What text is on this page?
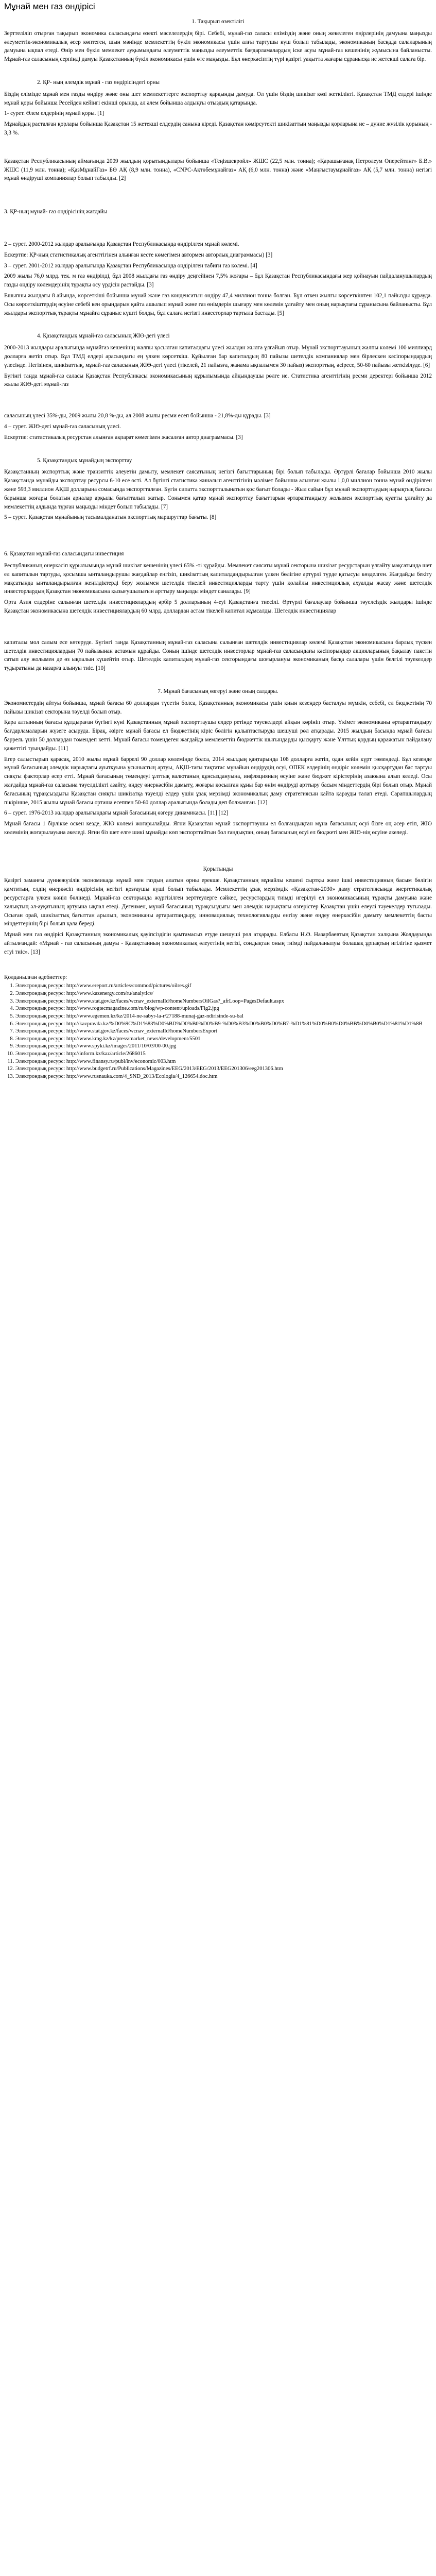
Мұнай мен газ өндірісі
1. Тақырып өзектілігі

Зерттеліліп отырған тақырып экономика саласындағы өзекті мәселелердің бірі. Себебі, мұнай-газ саласы еліміздің және оның жекелеген өңірлерінің дамуына маңызды әлеуметтік-экономикалық әсер көптеген, шын мәнінде мемлекеттің бүкіл экономикасы үшін алғы тартушы күш болып табылады, экономиканың басқада салаларының дамуына ықпал етеді. Өнір мен бүкіл мемлекет ауқымындағы әлеуметтік маңызды әлеуметтік бағдарламалардың іске асуы мұнай-газ кешенінің жұмысына байланысты. Мұнай-газ саласының серпінді дамуы Қазақстанның бүкіл экономикасы үшін өте маңызды. Бұл өнеркәсіптің түрі қазіргі уақытта жағары сұранысқа ие жетекші салаға бір.

2. ҚР- ның әлемдік мұнай - газ өндірісіндегі орны

Біздің елімізде мұнай мен газды өндіру және оны шет мемлекеттерге экспорттау қарқынды дамуда. Ол үшін біздің шикізат көзі жеткілікті. Қазақстан ТМД елдері ішінде мұнай қоры бойынша Ресейден кейінгі екінші орында, ал әлем бойынша алдыңғы отыздың қатарында.

1- сурет. Әлем елдерінің мұнай қоры. [1]

Мұнайдың расталған қорлары бойынша Қазақстан 15 жетекші елдердің санына кіреді. Қазақстан көмірсутекті шикізаттың маңызды қорларына ие – дүние жүзілік қорының - 3,3 %.

Қазақстан Республикасының аймағында 2009 жылдың қорытындылары бойынша «Теңізшевройл» ЖШС (22,5 млн. тонна); «Қарашығанақ Петролеум Оперейтинг» Б.В.» ЖШС (11,9 млн. тонна); «ҚазМұнайГаз» БӨ АҚ (8,9 млн. тонна), «CNPC-Ақтөбемұнайгаз» АҚ (6,0 млн. тонна) және «Маңғыстаумұнайгаз» АҚ (5,7 млн. тонна) негізгі мұнай өндіруші компаниялар болып табылды. [2]

3. ҚР-ның мұнай- газ өндірісінің жағдайы

2 – сурет. 2000-2012 жылдар аралығында Қазақстан Республикасында өндірілген мұнай көлемі.

Ескертпе: ҚР-ның статистикалық агенттігінен алынған кесте көмегімен автормен авторлық диаграммасы) [3]

3 – сурет. 2001-2012 жылдар аралығында Қазақстан Республикасында өндірілген табиғи газ көлемі. [4]

2009 жылы 76,0 млрд. тек. м газ өндірілді, бұл 2008 жылдағы газ өндіру деңгейінен 7,5% жоғары – бұл Қазақстан Республикасындағы жер қойнауын пайдаланушылардың газды өндіру көлемдерінің тұрақты өсу үрдісін растайды. [3]

Ешыпны жылдағы 8 айында, көрсеткіші бойынша мұнай және газ конденсатын өндіру 47,4 миллион тонна болған. Бұл өткен жылғы көрсеткіштен 102,1 пайызды құрауда. Осы көрсеткіштердің өсуіне себебі кен орындарын қайта ашылып мұнай және газ өнімдерін шығару мен көлемін ұлғайту мен оның нарықтағы сұранысына байланысты. Бұл жылдары экспорттық тұрақты мұнайға сұраныс күшті болды, бұл салаға негізгі инвесторлар тартыла бастады. [5]

4. Қазақстандық мұнай-газ саласының ЖІӨ-дегі үлесі

2000-2013 жылдары аралығында мұнайгаз кешенінің жалпы қосылған капиталдағы үлесі жылдан жылға ұлғайып отыр. Мұнай экспорттауының жалпы көлемі 100 миллиард долларға жетіп отыр. Бұл ТМД елдері арасындағы ең үлкен көрсеткіш. Құйылған бар капиталдың 80 пайызы шетелдік компаниялар мен бірлескен кәсіпорындардың үлесінде. Негізінен, шикізаттық, мұнай-газ саласының ЖІӨ-дегі үлесі (тікелей, 21 пайызға, жанама ықпалымен 30 пайыз) экспорттың, әсіресе, 50-60 пайызы жеткізілуде. [6]

Бүгінгі таңда мұнай-газ саласы Қазақстан Республикасы экономикасының құрылымында айқындаушы рөлге ие. Статистика агенттігінің ресми деректері бойынша 2012 жылы ЖІӨ-дегі мұнай-газ

саласының үлесі 35%-ды, 2009 жылы 20,8 %-ды, ал 2008 жылы ресми есеп бойынша - 21,8%-ды құрады. [3]

4 – сурет. ЖІӨ-дегі мұнай-газ саласының үлесі.

Ескертпе: статистикалық ресурстан алынған ақпарат көмегімен жасалған автор диаграммасы. [3]

5. Қазақстандық мұнайдың экспорттау

Қазақстанның экспорттық және транзиттік әлеуетін дамыту, мемлекет саясатының негізгі бағыттарының бірі болып табылады. Әртүрлі бағалар бойынша 2010 жылы Қазақстанда мұнайды экспорттау ресурсы 6-10 есе өсті. Ал бүгінгі статистика жиналып агенттігінің мәлімет бойынша алынған жылы 1,0,0 миллион тонна мұнай өндірілген және 593,3 миллион АҚШ долларына сомасында экспортталған. Бүгін сипатта экспортталынатын қос бағыт болады - Жыл сайын бұл мұнай экспорттаудың нарықтық бағасы барынша жоғары болатын арналар арқылы бағытталып жатыр. Сонымен қатар мұнай экспорттау бағыттарын әртараптандыру жолымен экспорттық қуатты ұлғайту да мемлекеттің алдында тұрған маңызды міндет болып табылады. [7]

5 – сурет. Қазақстан мұнайының тасымалданатын экспорттық маршруттар бағыты. [8]

6. Қазақстан мұнай-газ саласындағы инвестиция

Республиканың өнеркәсіп құрылымында мұнай шикізат кешенінің үлесі 65% -ті құрайды. Мемлекет саясаты мұнай секторына шикізат ресурстарын үлгайту мақсатында шет ел капиталын тартуды, қосымша ынталандырушы жағдайлар енгізіп, шикізаттың капиталдандырылған үлкен бөлігіне әртүрлі түрде қатысуы көзделген. Жағдайды бекіту мақсатында ынталандырылған жеңілдіктерді беру жолымен шетелдік тікелей инвестицияларды тарту үшін қолайлы инвестициялық ахуалды жасау және шетелдік инвесторлардың Қазақстан экономикасына қызығушылығын арттыру маңызды міндет саналады. [9]

Орта Азия елдеріне салынған шетелдік инвестициялардың әрбір 5 долларының 4-еуі Қазақстанға тиесілі. Әртүрлі бағалаулар бойынша тәуелсіздік жылдары ішінде Қазақстан экономикасына шетелдік инвестициялардың 60 млрд. доллардан астам тікелей капитал жұмсалды. Шетелдік инвестициялар

капиталы мол салым есе көтеруде. Бүгінгі таңда Қазақстанның мұнай-газ саласына салынған шетелдік инвестициялар көлемі Қазақстан экономикасына барлық түскен шетелдік инвестициялардың 70 пайызынан астамын құрайды. Соның ішінде шетелдік инвесторлар мұнай-газ саласындағы кәсіпорындар акцияларының бақылау пакетін сатып алу жолымен де өз ықпалын күшейтіп отыр. Шетелдік капиталдың мұнай-газ секторындағы шоғырлануы экономиканың басқа салалары үшін белгілі тәуекелдер тудыратыны да назарға алынуы тиіс. [10]

7. Мұнай бағасының өзгеруі және оның салдары.

Экономистердің айтуы бойынша, мұнай бағасы 60 доллардан түсетін болса, Қазақстанның экономикасы үшін қиын кезеңдер басталуы мүмкін, себебі, ел бюджетінің 70 пайызы шикізат секторына тәуелді болып отыр.

Қара алтынның бағасы құлдыраған бүгінгі күні Қазақстанның мұнай экспорттаушы елдер ретінде тәуекелдері айқын көрініп отыр. Үкімет экономиканы әртараптандыру бағдарламаларын жүзеге асыруда. Бірақ, әзірге мұнай бағасы ел бюджетінің кіріс бөлігін қалыптастыруда шешуші рөл атқарады. 2015 жылдың басында мұнай бағасы баррель үшін 50 доллардан төмендеп кетті. Мұнай бағасы төмендеген жағдайда мемлекеттің бюджеттік шығындарды қысқарту және Ұлттық қордың қаражатын пайдалану қажеттігі туындайды. [11]

Егер салыстырып қарасақ, 2010 жылы мұнай баррелі 90 доллар көлемінде болса, 2014 жылдың қаңтарында 108 долларға жетіп, одан кейін күрт төмендеді. Бұл кезеңде мұнай бағасының әлемдік нарықтағы ауытқуына ұсыныстың артуы, АҚШ-тағы тақтатас мұнайын өндірудің өсуі, ОПЕК елдерінің өндіріс көлемін қысқартудан бас тартуы сияқты факторлар әсер етті. Мұнай бағасының төмендеуі ұлттық валютаның құнсыздануына, инфляцияның өсуіне және бюджет кірістерінің азаюына алып келеді. Осы жағдайда мұнай-газ саласына тәуелділікті азайту, өңдеу өнеркәсібін дамыту, жоғары қосылған құны бар өнім өндіруді арттыру басым міндеттердің бірі болып отыр. Мұнай бағасының тұрақсыздығы Қазақстан сияқты шикізатқа тәуелді елдер үшін ұзақ мерзімді экономикалық даму стратегиясын қайта қарауды талап етеді. Сарапшылардың пікірінше, 2015 жылы мұнай бағасы орташа есеппен 50-60 доллар аралығында болады деп болжанған. [12]

6 – сурет. 1976-2013 жылдар аралығындағы мұнай бағасының өзгеру динамикасы. [11] [12]

Мұнай бағасы 1 бірлікке өскен кезде, ЖІӨ көлемі жоғарылайды. Яғни Қазақстан мұнай экспорттаушы ел болғандықтан мұна бағасының өсуі бізге оң әсер етіп, ЖІӨ көлемінің жоғарылауына әкеледі. Яғни біз шет елге шикі мұнайды көп экспорттайтын бол ғандықтан, оның бағасының өсуі ел бюджеті мен ЖІӨ-нің өсуіне әкеледі.

Қорытынды

Қазіргі заманғы дүниежүзілік экономикада мұнай мен газдың алатын орны ерекше. Қазақстанның мұнайлы кешені сыртқы және ішкі инвестицияның басым бөлігін қамтитын, елдің өнеркәсіп өндірісінің негізгі қозғаушы күші болып табылады. Мемлекеттің ұзақ мерзімдік «Қазақстан-2030» даму стратегиясында энергетикалық ресурстарға үлкен көңіл бөлінеді. Мұнай-газ секторында жүргізілген зерттеулерге сәйкес, ресурстардың тиімді игерілуі ел экономикасының тұрақты дамуына және халықтың әл-ауқатының артуына ықпал етеді. Дегенмен, мұнай бағасының тұрақсыздығы мен әлемдік нарықтағы өзгерістер Қазақстан үшін елеулі тәуекелдер туғызады. Осыған орай, шикізаттық бағыттан арылып, экономиканы әртараптандыру, инновациялық технологияларды енгізу және өңдеу өнеркәсібін дамыту мемлекеттің басты міндеттерінің бірі болып қала береді.

Мұнай мен газ өндірісі Қазақстанның экономикалық қауіпсіздігін қамтамасыз етуде шешуші рөл атқарады. Елбасы Н.Ә. Назарбаевтың Қазақстан халқына Жолдауында айтылғандай: «Мұнай - газ саласының дамуы - Қазақстанның экономикалық әлеуетінің негізі, сондықтан оның тиімді пайдаланылуы болашақ ұрпақтың игілігіне қызмет етуі тиіс». [13]

Қолданылған әдебиеттер:
1. Электрондық ресурс: http://www.ereport.ru/articles/commod/pictures/oilres.gif
2. Электрондық ресурс: http://www.kazenergy.com/ru/analytics/
3. Электрондық ресурс: http://www.stat.gov.kz/faces/wcnav_externalId/homeNumbersOilGas?_afrLoop=PagesDefault.aspx
4. Электрондық ресурс: http://www.rogtecmagazine.com/ru/blog/wp-content/uploads/Fig2.jpg
5. Электрондық ресурс: http://www.egemen.kz/kz/2014-ne-sabyr-la-r/27188-munaj-gaz-ndirisinde-su-bal
6. Электрондық ресурс: http://kazpravda.kz/%D0%9C%D1%83%D0%BD%D0%B0%D0%B9-%D0%B3%D0%B0%D0%B7-%D1%81%D0%B0%D0%BB%D0%B0%D1%81%D1%8B
7. Электрондық ресурс: http://www.stat.gov.kz/faces/wcnav_externalId/homeNumbersExport
8. Электрондық ресурс: http://www.kmg.kz/kz/press/market_news/development/5501
9. Электрондық ресурс: http://www.spyki.kz/images/2011/10/03/00-00.jpg
10. Электрондық ресурс: http://inform.kz/kaz/article/2686015
11. Электрондық ресурс: http://www.finansy.ru/publ/inv/economic/003.htm
12. Электрондық ресурс: http://www.budgetrf.ru/Publications/Magazines/EEG/2013/EEG/2013/EEG201306/eeg201306.htm
13. Электрондық ресурс: http://www.rusnauka.com/4_SND_2013/Ecologia/4_126654.doc.htm
